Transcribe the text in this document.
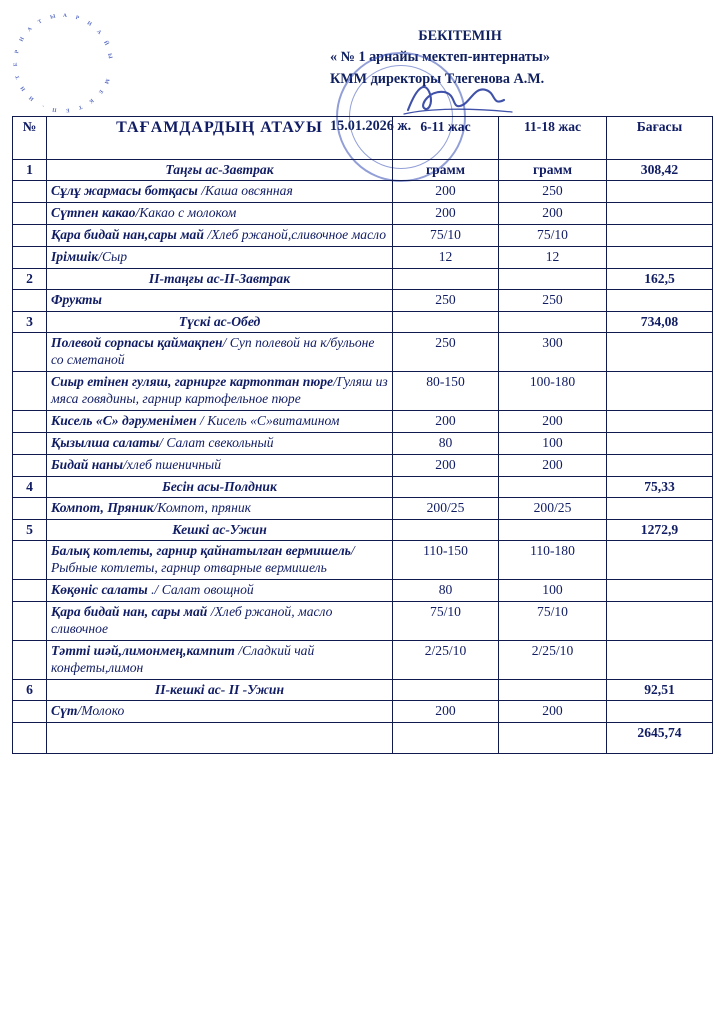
БЕКІТЕМІН
« № 1 арнайы мектеп-интернаты»
КММ директоры Тлегенова А.М.
15.01.2026 ж.
А Р
Н
А
Й
Ы

М
Е
К
Т
Е
П
-
И
Н
Т
Е
Р
Н
А
Т
Ы
№	ТАҒАМДАРДЫҢ АТАУЫ	6-11 жас	11-18 жас	Бағасы
1	Таңғы ас-Завтрак	грамм	грамм	308,42
	Сұлұ жармасы ботқасы /Каша овсянная	200	250	
	Сүтпен какао/Какао с молоком	200	200	
	Қара бидай нан,сары май /Хлеб ржаной,сливочное масло	75/10	75/10	
	Ірімшік/Сыр	12	12	
2	ІІ-таңғы ас-ІІ-Завтрак			162,5
	Фрукты	250	250	
3	Түскі ас-Обед			734,08
	Полевой сорпасы қаймақпен/ Суп полевой на к/бульоне со сметаной	250	300	
	Сиыр етінен гуляш, гарнирге картоптан пюре/Гуляш из мяса говядины, гарнир картофельное пюре	80-150	100-180	
	Кисель «С» дәруменімен / Кисель «С»витамином	200	200	
	Қызылша салаты/ Салат свекольный	80	100	
	Бидай наны/хлеб пшеничный	200	200	
4	Бесін асы-Полдник			75,33
	Компот, Пряник/Компот, пряник	200/25	200/25	
5	Кешкі ас-Ужин			1272,9
	Балық котлеты, гарнир қайнатылған вермишель/ Рыбные котлеты, гарнир отварные вермишель	110-150	110-180	
	Көқөніс салаты ./ Салат овощной	80	100	
	Қара бидай нан, сары май /Хлеб ржаной, масло сливочное	75/10	75/10	
	Тәтті шәй,лимонмең,кампит /Сладкий чай конфеты,лимон	2/25/10	2/25/10	
6	ІІ-кешкі ас- ІІ -Ужин			92,51
	Сүт/Молоко	200	200	
				2645,74
